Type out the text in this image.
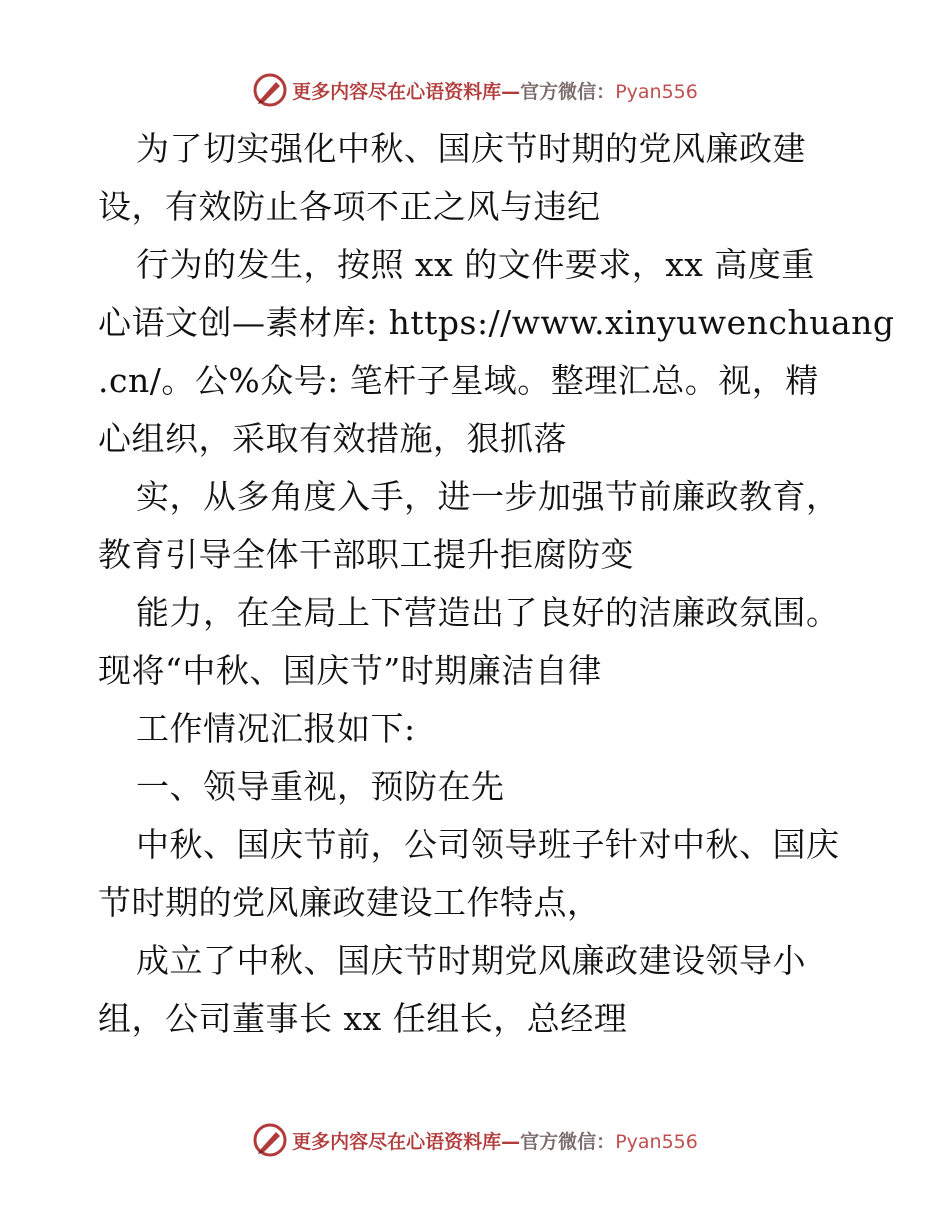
更多内容尽在心语资料库—官方微信：Pyan556
为了切实强化中秋、国庆节时期的党风廉政建
设，有效防止各项不正之风与违纪
行为的发生，按照 xx 的文件要求，xx 高度重
心语文创—素材库: https://www.xinyuwenchuang
.cn/。公%众号: 笔杆子星域。整理汇总。视，精
心组织，采取有效措施，狠抓落
实，从多角度入手，进一步加强节前廉政教育，
教育引导全体干部职工提升拒腐防变
能力，在全局上下营造出了良好的洁廉政氛围。
现将“中秋、国庆节”时期廉洁自律
工作情况汇报如下:
一、领导重视，预防在先
中秋、国庆节前，公司领导班子针对中秋、国庆
节时期的党风廉政建设工作特点，
成立了中秋、国庆节时期党风廉政建设领导小
组，公司董事长 xx 任组长，总经理
更多内容尽在心语资料库—官方微信：Pyan556
